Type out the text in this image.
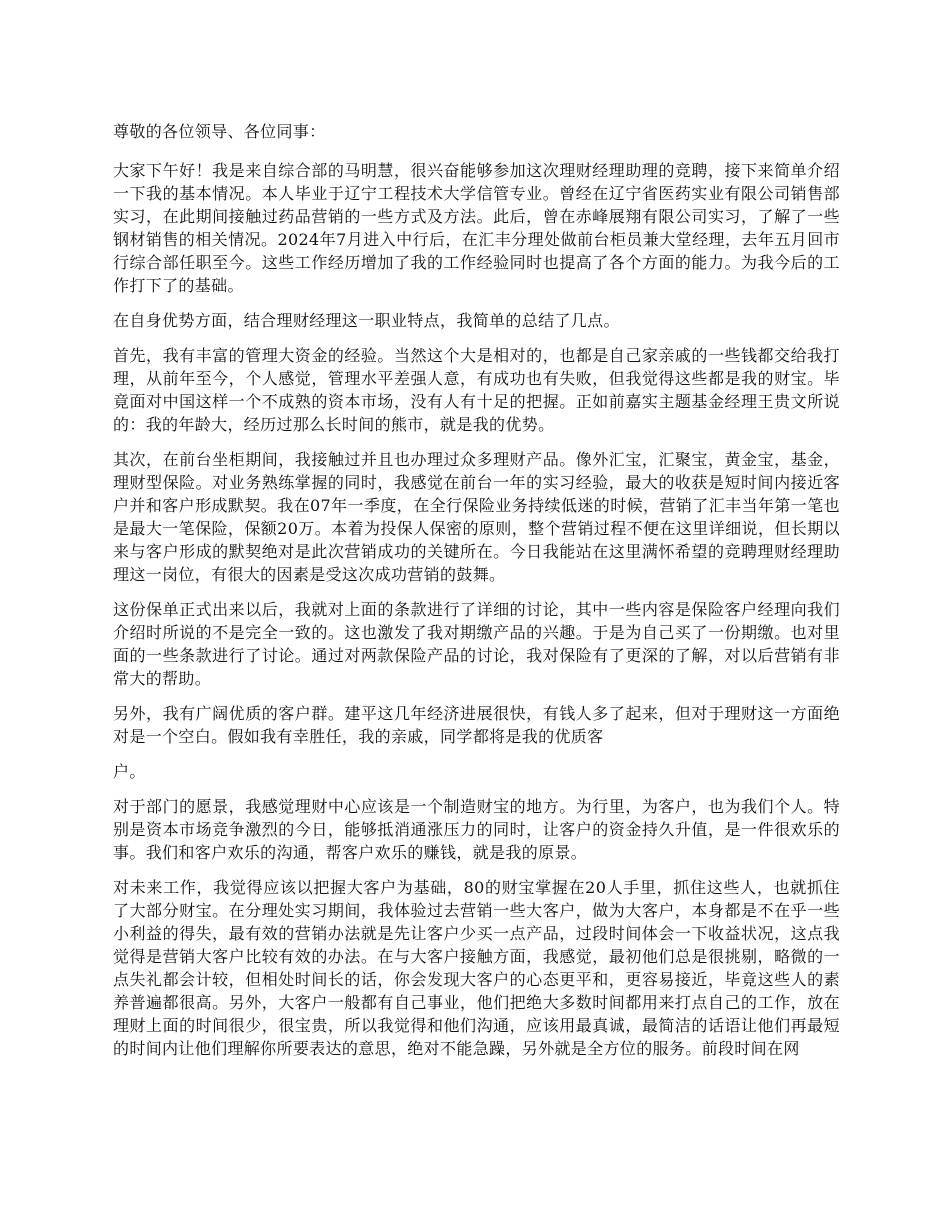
尊敬的各位领导、各位同事：

大家下午好！我是来自综合部的马明慧，很兴奋能够参加这次理财经理助理的竞聘，接下来简单介绍一下我的基本情况。本人毕业于辽宁工程技术大学信管专业。曾经在辽宁省医药实业有限公司销售部实习，在此期间接触过药品营销的一些方式及方法。此后，曾在赤峰展翔有限公司实习，了解了一些钢材销售的相关情况。2024年7月进入中行后，在汇丰分理处做前台柜员兼大堂经理，去年五月回市行综合部任职至今。这些工作经历增加了我的工作经验同时也提高了各个方面的能力。为我今后的工作打下了的基础。

在自身优势方面，结合理财经理这一职业特点，我简单的总结了几点。

首先，我有丰富的管理大资金的经验。当然这个大是相对的，也都是自己家亲戚的一些钱都交给我打理，从前年至今，个人感觉，管理水平差强人意，有成功也有失败，但我觉得这些都是我的财宝。毕竟面对中国这样一个不成熟的资本市场，没有人有十足的把握。正如前嘉实主题基金经理王贵文所说的：我的年龄大，经历过那么长时间的熊市，就是我的优势。

其次，在前台坐柜期间，我接触过并且也办理过众多理财产品。像外汇宝，汇聚宝，黄金宝，基金，理财型保险。对业务熟练掌握的同时，我感觉在前台一年的实习经验，最大的收获是短时间内接近客户并和客户形成默契。我在07年一季度，在全行保险业务持续低迷的时候，营销了汇丰当年第一笔也是最大一笔保险，保额20万。本着为投保人保密的原则，整个营销过程不便在这里详细说，但长期以来与客户形成的默契绝对是此次营销成功的关键所在。今日我能站在这里满怀希望的竞聘理财经理助理这一岗位，有很大的因素是受这次成功营销的鼓舞。

这份保单正式出来以后，我就对上面的条款进行了详细的讨论，其中一些内容是保险客户经理向我们介绍时所说的不是完全一致的。这也激发了我对期缴产品的兴趣。于是为自己买了一份期缴。也对里面的一些条款进行了讨论。通过对两款保险产品的讨论，我对保险有了更深的了解，对以后营销有非常大的帮助。

另外，我有广阔优质的客户群。建平这几年经济进展很快，有钱人多了起来，但对于理财这一方面绝对是一个空白。假如我有幸胜任，我的亲戚，同学都将是我的优质客

户。

对于部门的愿景，我感觉理财中心应该是一个制造财宝的地方。为行里，为客户，也为我们个人。特别是资本市场竞争激烈的今日，能够抵消通涨压力的同时，让客户的资金持久升值，是一件很欢乐的事。我们和客户欢乐的沟通，帮客户欢乐的赚钱，就是我的原景。

对未来工作，我觉得应该以把握大客户为基础，80的财宝掌握在20人手里，抓住这些人，也就抓住了大部分财宝。在分理处实习期间，我体验过去营销一些大客户，做为大客户，本身都是不在乎一些小利益的得失，最有效的营销办法就是先让客户少买一点产品，过段时间体会一下收益状况，这点我觉得是营销大客户比较有效的办法。在与大客户接触方面，我感觉，最初他们总是很挑剔，略微的一点失礼都会计较，但相处时间长的话，你会发现大客户的心态更平和，更容易接近，毕竟这些人的素养普遍都很高。另外，大客户一般都有自己事业，他们把绝大多数时间都用来打点自己的工作，放在理财上面的时间很少，很宝贵，所以我觉得和他们沟通，应该用最真诚，最简洁的话语让他们再最短的时间内让他们理解你所要表达的意思，绝对不能急躁，另外就是全方位的服务。前段时间在网
